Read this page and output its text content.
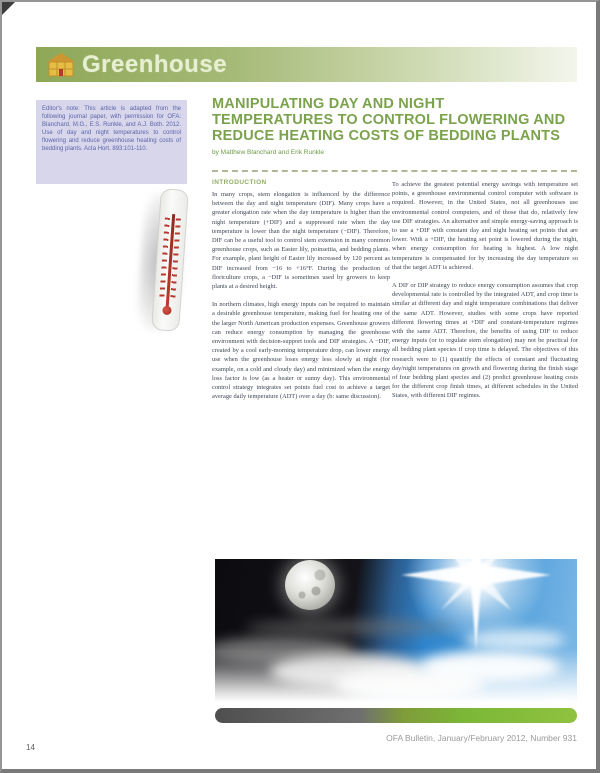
Greenhouse
Editor's note: This article is adapted from the following journal paper, with permission for OFA: Blanchard, M.G., E.S. Runkle, and A.J. Both. 2012. Use of day and night temperatures to control flowering and reduce greenhouse heating costs of bedding plants. Acta Hort. 893:101-110.
MANIPULATING DAY AND NIGHT
TEMPERATURES TO CONTROL FLOWERING AND
REDUCE HEATING COSTS OF BEDDING PLANTS
by Matthew Blanchard and Erik Runkle
INTRODUCTION

In many crops, stem elongation is influenced by the difference between the day and night temperature (DIF). Many crops have a greater elongation rate when the day temperature is higher than the night temperature (+DIF) and a suppressed rate when the day temperature is lower than the night temperature (−DIF). Therefore, DIF can be a useful tool to control stem extension in many common greenhouse crops, such as Easter lily, poinsettia, and bedding plants. For example, plant height of Easter lily increased by 120 percent as DIF increased from −16 to +16°F. During the production of floriculture crops, a −DIF is sometimes used by growers to keep plants at a desired height.

In northern climates, high energy inputs can be required to maintain a desirable greenhouse temperature, making fuel for heating one of the larger North American production expenses. Greenhouse growers can reduce energy consumption by managing the greenhouse environment with decision-support tools and DIF strategies. A −DIF, created by a cool early-morning temperature drop, can lower energy use when the greenhouse loses energy less slowly at night (for example, on a cold and cloudy day) and minimized when the energy loss factor is low (as a heater or sunny day). This environmental control strategy integrates set points fuel cost to achieve a target average daily temperature (ADT) over a day (b: same discussion).

To achieve the greatest potential energy savings with temperature set points, a greenhouse environmental control computer with software is required. However, in the United States, not all greenhouses use environmental control computers, and of those that do, relatively few use DIF strategies. An alternative and simple energy-saving approach is to use a +DIF with constant day and night heating set points that are lower. With a +DIF, the heating set point is lowered during the night, when energy consumption for heating is highest. A low night temperature is compensated for by increasing the day temperature so that the target ADT is achieved.

A DIF or DIP strategy to reduce energy consumption assumes that crop developmental rate is controlled by the integrated ADT, and crop time is similar at different day and night temperature combinations that deliver the same ADT. However, studies with some crops have reported different flowering times at +DIF and constant-temperature regimes with the same ADT. Therefore, the benefits of using DIF to reduce energy inputs (or to regulate stem elongation) may not be practical for all bedding plant species if crop time is delayed. The objectives of this research were to (1) quantify the effects of constant and fluctuating day/night temperatures on growth and flowering during the finish stage of four bedding plant species and (2) predict greenhouse heating costs for the different crop finish times, at different schedules in the United States, with different DIF regimes.

OFA Bulletin, January/February 2012, Number 931
14
